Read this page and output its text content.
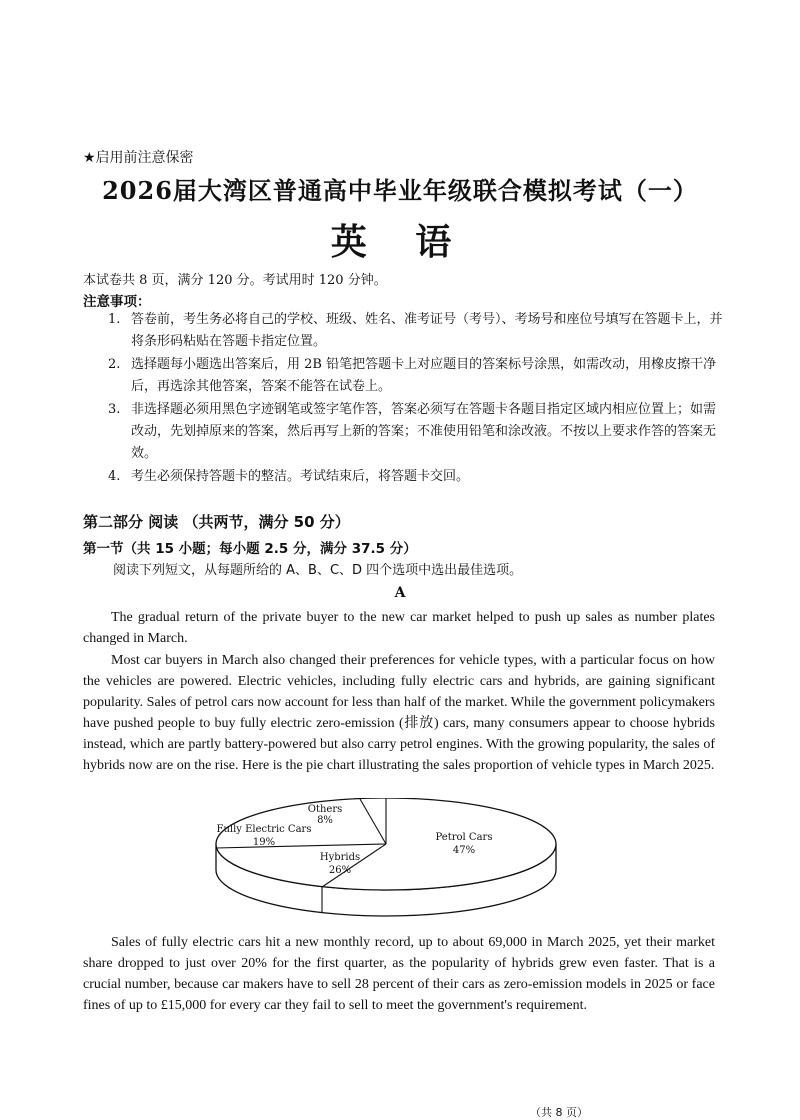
★启用前注意保密
2026届大湾区普通高中毕业年级联合模拟考试（一）
英 语
本试卷共 8 页，满分 120 分。考试用时 120 分钟。
注意事项：
1. 答卷前，考生务必将自己的学校、班级、姓名、准考证号（考号）、考场号和座位号填写在答题卡上，并将条形码粘贴在答题卡指定位置。
2. 选择题每小题选出答案后，用 2B 铅笔把答题卡上对应题目的答案标号涂黑，如需改动，用橡皮擦干净后，再选涂其他答案，答案不能答在试卷上。
3. 非选择题必须用黑色字迹钢笔或签字笔作答，答案必须写在答题卡各题目指定区域内相应位置上；如需改动，先划掉原来的答案，然后再写上新的答案；不准使用铅笔和涂改液。不按以上要求作答的答案无效。
4. 考生必须保持答题卡的整洁。考试结束后，将答题卡交回。
第二部分 阅读 （共两节，满分 50 分）
第一节（共 15 小题；每小题 2.5 分，满分 37.5 分）
阅读下列短文，从每题所给的 A、B、C、D 四个选项中选出最佳选项。
A

The gradual return of the private buyer to the new car market helped to push up sales as number plates changed in March.

Most car buyers in March also changed their preferences for vehicle types, with a particular focus on how the vehicles are powered. Electric vehicles, including fully electric cars and hybrids, are gaining significant popularity. Sales of petrol cars now account for less than half of the market. While the government policymakers have pushed people to buy fully electric zero-emission (排放) cars, many consumers appear to choose hybrids instead, which are partly battery-powered but also carry petrol engines. With the growing popularity, the sales of hybrids now are on the rise. Here is the pie chart illustrating the sales proportion of vehicle types in March 2025.

Petrol Cars
47%
Hybrids
26%
Fully Electric Cars
19%
Others
8%

Sales of fully electric cars hit a new monthly record, up to about 69,000 in March 2025, yet their market share dropped to just over 20% for the first quarter, as the popularity of hybrids grew even faster. That is a crucial number, because car makers have to sell 28 percent of their cars as zero-emission models in 2025 or face fines of up to £15,000 for every car they fail to sell to meet the government's requirement.

（共 8 页）
